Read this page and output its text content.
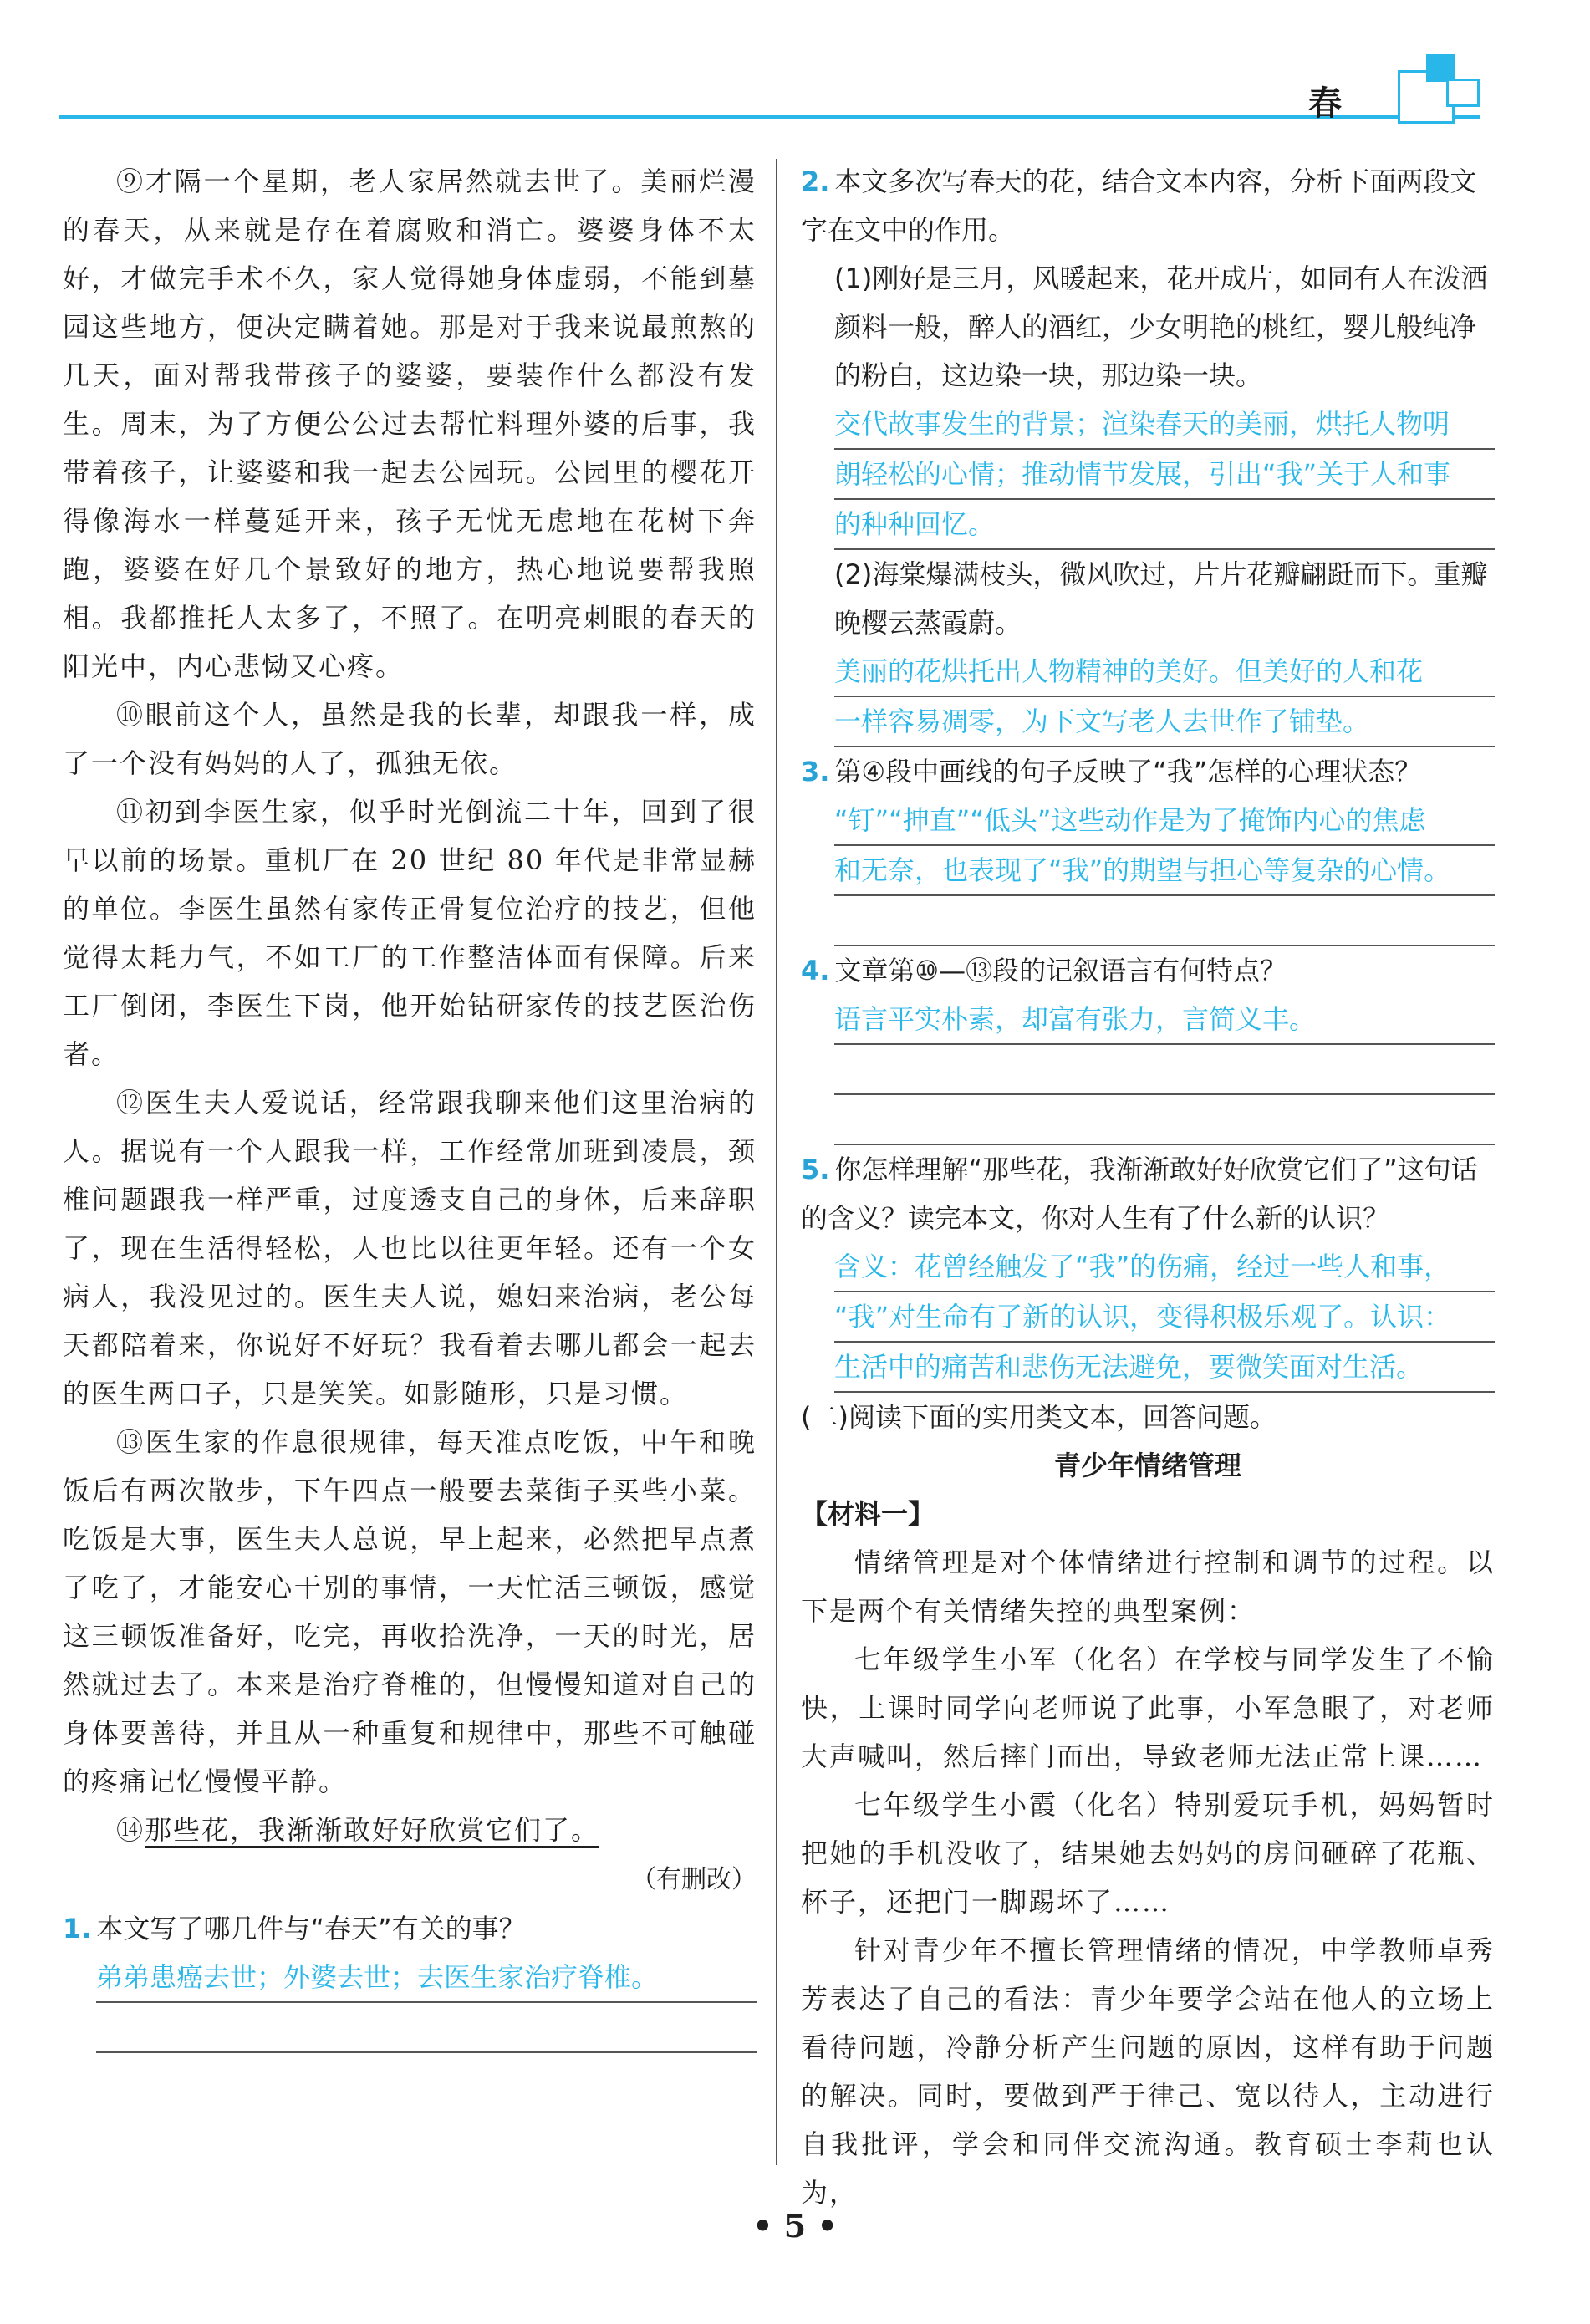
春

⑨才隔一个星期，老人家居然就去世了。美丽烂漫的春天，从来就是存在着腐败和消亡。婆婆身体不太好，才做完手术不久，家人觉得她身体虚弱，不能到墓园这些地方，便决定瞒着她。那是对于我来说最煎熬的几天，面对帮我带孩子的婆婆，要装作什么都没有发生。周末，为了方便公公过去帮忙料理外婆的后事，我带着孩子，让婆婆和我一起去公园玩。公园里的樱花开得像海水一样蔓延开来，孩子无忧无虑地在花树下奔跑，婆婆在好几个景致好的地方，热心地说要帮我照相。我都推托人太多了，不照了。在明亮刺眼的春天的阳光中，内心悲恸又心疼。

⑩眼前这个人，虽然是我的长辈，却跟我一样，成了一个没有妈妈的人了，孤独无依。

⑪初到李医生家，似乎时光倒流二十年，回到了很早以前的场景。重机厂在 20 世纪 80 年代是非常显赫的单位。李医生虽然有家传正骨复位治疗的技艺，但他觉得太耗力气，不如工厂的工作整洁体面有保障。后来工厂倒闭，李医生下岗，他开始钻研家传的技艺医治伤者。

⑫医生夫人爱说话，经常跟我聊来他们这里治病的人。据说有一个人跟我一样，工作经常加班到凌晨，颈椎问题跟我一样严重，过度透支自己的身体，后来辞职了，现在生活得轻松，人也比以往更年轻。还有一个女病人，我没见过的。医生夫人说，媳妇来治病，老公每天都陪着来，你说好不好玩？我看着去哪儿都会一起去的医生两口子，只是笑笑。如影随形，只是习惯。

⑬医生家的作息很规律，每天准点吃饭，中午和晚饭后有两次散步，下午四点一般要去菜街子买些小菜。吃饭是大事，医生夫人总说，早上起来，必然把早点煮了吃了，才能安心干别的事情，一天忙活三顿饭，感觉这三顿饭准备好，吃完，再收拾洗净，一天的时光，居然就过去了。本来是治疗脊椎的，但慢慢知道对自己的身体要善待，并且从一种重复和规律中，那些不可触碰的疼痛记忆慢慢平静。

⑭那些花，我渐渐敢好好欣赏它们了。

（有删改）

1. 本文写了哪几件与“春天”有关的事？

弟弟患癌去世；外婆去世；去医生家治疗脊椎。

2. 本文多次写春天的花，结合文本内容，分析下面两段文字在文中的作用。

(1)刚好是三月，风暖起来，花开成片，如同有人在泼洒颜料一般，醉人的酒红，少女明艳的桃红，婴儿般纯净的粉白，这边染一块，那边染一块。

交代故事发生的背景；渲染春天的美丽，烘托人物明
朗轻松的心情；推动情节发展，引出“我”关于人和事
的种种回忆。

(2)海棠爆满枝头，微风吹过，片片花瓣翩跹而下。重瓣晚樱云蒸霞蔚。

美丽的花烘托出人物精神的美好。但美好的人和花
一样容易凋零，为下文写老人去世作了铺垫。

3. 第④段中画线的句子反映了“我”怎样的心理状态？

“钉”“抻直”“低头”这些动作是为了掩饰内心的焦虑
和无奈，也表现了“我”的期望与担心等复杂的心情。

4. 文章第⑩—⑬段的记叙语言有何特点？

语言平实朴素，却富有张力，言简义丰。

5. 你怎样理解“那些花，我渐渐敢好好欣赏它们了”这句话的含义？读完本文，你对人生有了什么新的认识？

含义：花曾经触发了“我”的伤痛，经过一些人和事，
“我”对生命有了新的认识，变得积极乐观了。认识：
生活中的痛苦和悲伤无法避免，要微笑面对生活。

(二)阅读下面的实用类文本，回答问题。

青少年情绪管理

【材料一】

情绪管理是对个体情绪进行控制和调节的过程。以下是两个有关情绪失控的典型案例：

七年级学生小军（化名）在学校与同学发生了不愉快，上课时同学向老师说了此事，小军急眼了，对老师大声喊叫，然后摔门而出，导致老师无法正常上课……

七年级学生小霞（化名）特别爱玩手机，妈妈暂时把她的手机没收了，结果她去妈妈的房间砸碎了花瓶、杯子，还把门一脚踢坏了……

针对青少年不擅长管理情绪的情况，中学教师卓秀芳表达了自己的看法：青少年要学会站在他人的立场上看待问题，冷静分析产生问题的原因，这样有助于问题的解决。同时，要做到严于律己、宽以待人，主动进行自我批评，学会和同伴交流沟通。教育硕士李莉也认为，

• 5 •
